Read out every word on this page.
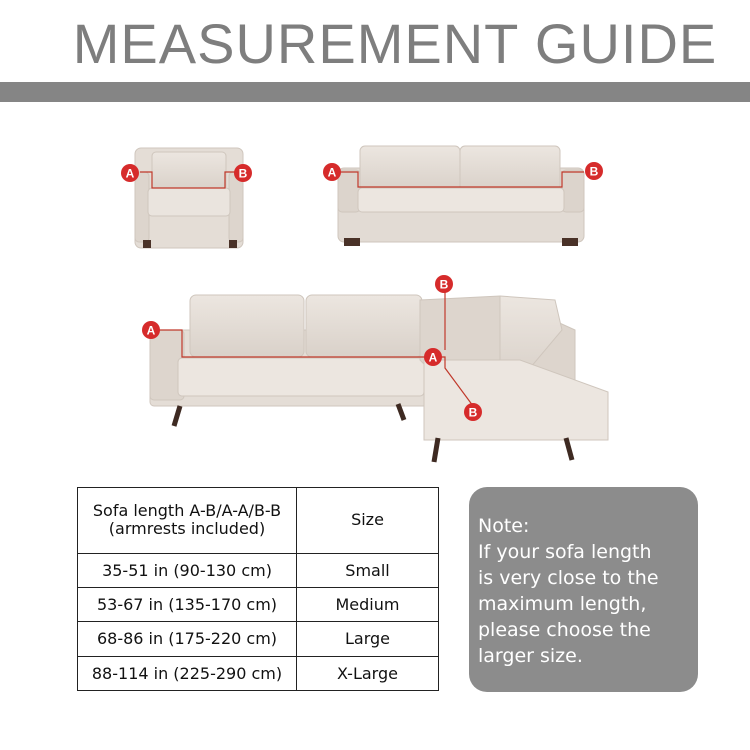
MEASUREMENT GUIDE
A	B	A	B
A
A
B
B
Sofa length A-B/A-A/B-B
(armrests included)	Size
35-51 in (90-130 cm)	Small
53-67 in (135-170 cm)	Medium
68-86 in (175-220 cm)	Large
88-114 in (225-290 cm)	X-Large
Note:
If your sofa length
is very close to the
maximum length,
please choose the
larger size.
